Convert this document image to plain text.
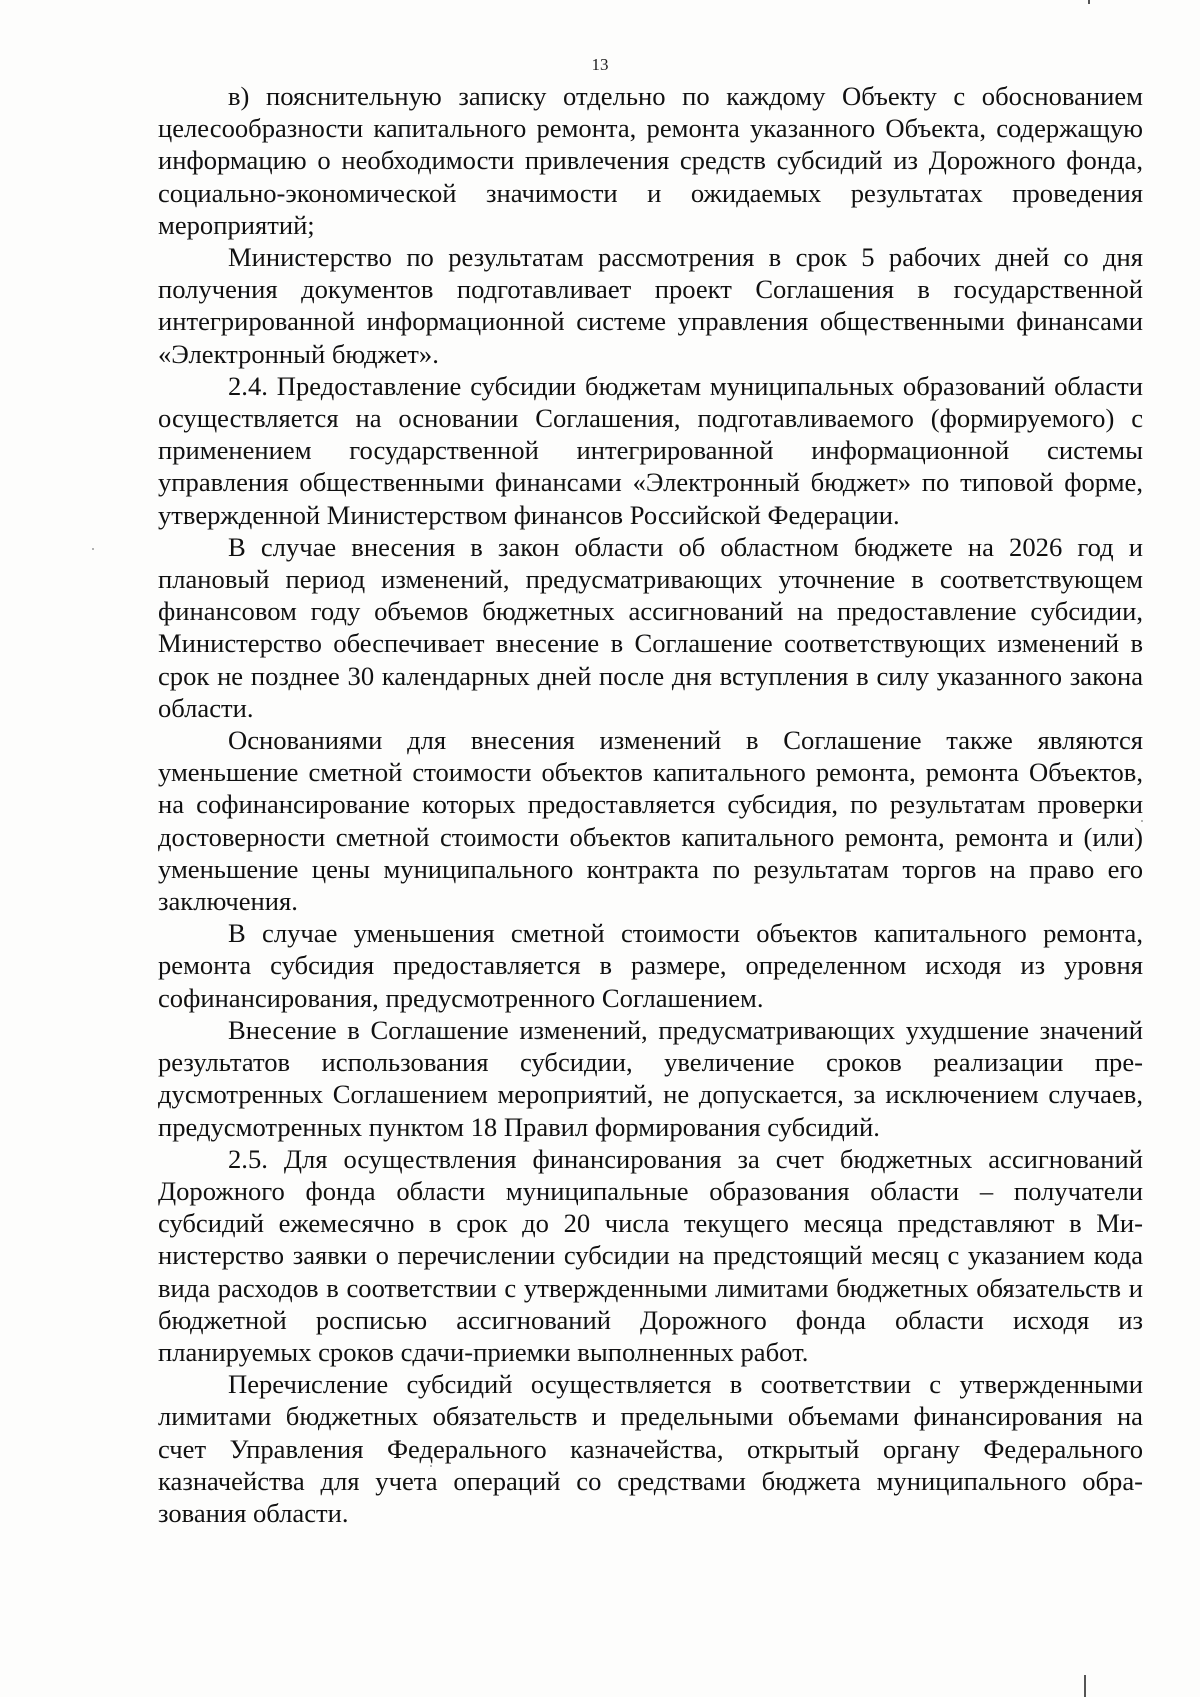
13

в) пояснительную записку отдельно по каждому Объекту с обоснованием целесообразности капитального ремонта, ремонта указанного Объекта, содержащую информацию о необходимости привлечения средств субсидий из Дорожного фонда, социально-экономической значимости и ожидаемых результатах проведения мероприятий;

Министерство по результатам рассмотрения в срок 5 рабочих дней со дня получения документов подготавливает проект Соглашения в государственной интегрированной информационной системе управления общественными финансами «Электронный бюджет».

2.4. Предоставление субсидии бюджетам муниципальных образований области осуществляется на основании Соглашения, подготавливаемого (формируемого) с применением государственной интегрированной информационной системы управления общественными финансами «Электронный бюджет» по типовой форме, утвержденной Министерством финансов Российской Федерации.

В случае внесения в закон области об областном бюджете на 2026 год и плановый период изменений, предусматривающих уточнение в соответствующем финансовом году объемов бюджетных ассигнований на предоставление субсидии, Министерство обеспечивает внесение в Соглашение соответствующих изменений в срок не позднее 30 календарных дней после дня вступления в силу указанного закона области.

Основаниями для внесения изменений в Соглашение также являются уменьшение сметной стоимости объектов капитального ремонта, ремонта Объектов, на софинансирование которых предоставляется субсидия, по результатам проверки достоверности сметной стоимости объектов капитального ремонта, ремонта и (или) уменьшение цены муниципального контракта по результатам торгов на право его заключения.

В случае уменьшения сметной стоимости объектов капитального ремонта, ремонта субсидия предоставляется в размере, определенном исходя из уровня софинансирования, предусмотренного Соглашением.

Внесение в Соглашение изменений, предусматривающих ухудшение значений результатов использования субсидии, увеличение сроков реализации предусмотренных Соглашением мероприятий, не допускается, за исключением случаев, предусмотренных пунктом 18 Правил формирования субсидий.

2.5. Для осуществления финансирования за счет бюджетных ассигнований Дорожного фонда области муниципальные образования области – получатели субсидий ежемесячно в срок до 20 числа текущего месяца представляют в Министерство заявки о перечислении субсидии на предстоящий месяц с указанием кода вида расходов в соответствии с утвержденными лимитами бюджетных обязательств и бюджетной росписью ассигнований Дорожного фонда области исходя из планируемых сроков сдачи-приемки выполненных работ.

Перечисление субсидий осуществляется в соответствии с утвержденными лимитами бюджетных обязательств и предельными объемами финансирования на счет Управления Федерального казначейства, открытый органу Федерального казначейства для учета операций со средствами бюджета муниципального образования области.
